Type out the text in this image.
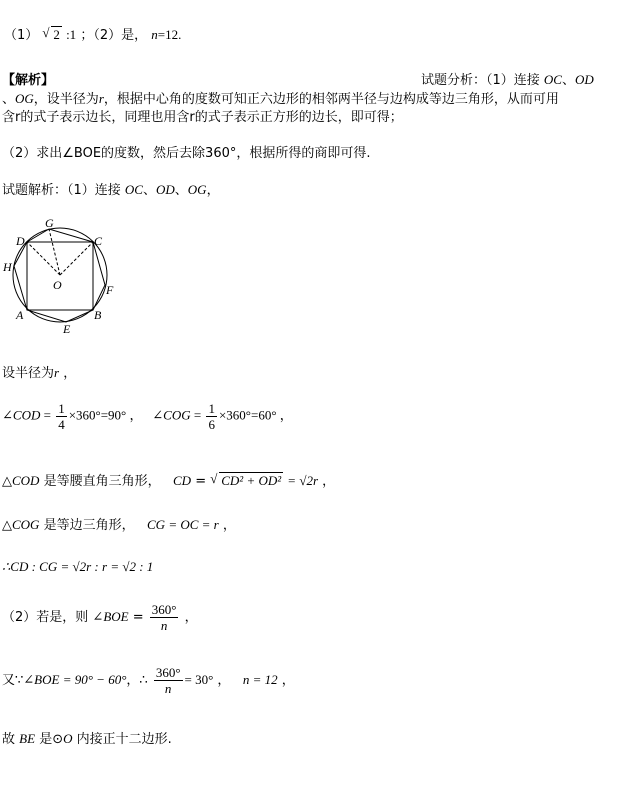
（1） √ 2 :1 ；（2）是， n=12.
【解析】	试题分析：（1）连接 OC、OD
、OG，设半径为r，根据中心角的度数可知正六边形的相邻两半径与边构成等边三角形，从而可用
含r的式子表示边长，同理也用含r的式子表示正方形的边长，即可得；
（2）求出∠BOE的度数，然后去除360°，根据所得的商即可得.
试题解析：（1）连接 OC、OD、OG，
G
D	C
H
O	F
A	B
E
设半径为r ，
∠COD = $\frac{1}{4} \times 360^\circ=90^\circ$ ，   ∠COG = $\frac{1}{6} \times 360^\circ=60^\circ$ ，
△COD 是等腰直角三角形， CD = √ CD² + OD² = √2r ，
△COG 是等边三角形， CG = OC = r ，
∴CD : CG = √2r : r = √2 : 1
（2）若是，则 ∠BOE = $\frac{360^\circ}{n}$ ，
又∵∠BOE = 90° − 60°，∴ $\frac{360^\circ}{n} = 30^\circ$ ，   n = 12 ，
故 BE 是⊙O 内接正十二边形.
